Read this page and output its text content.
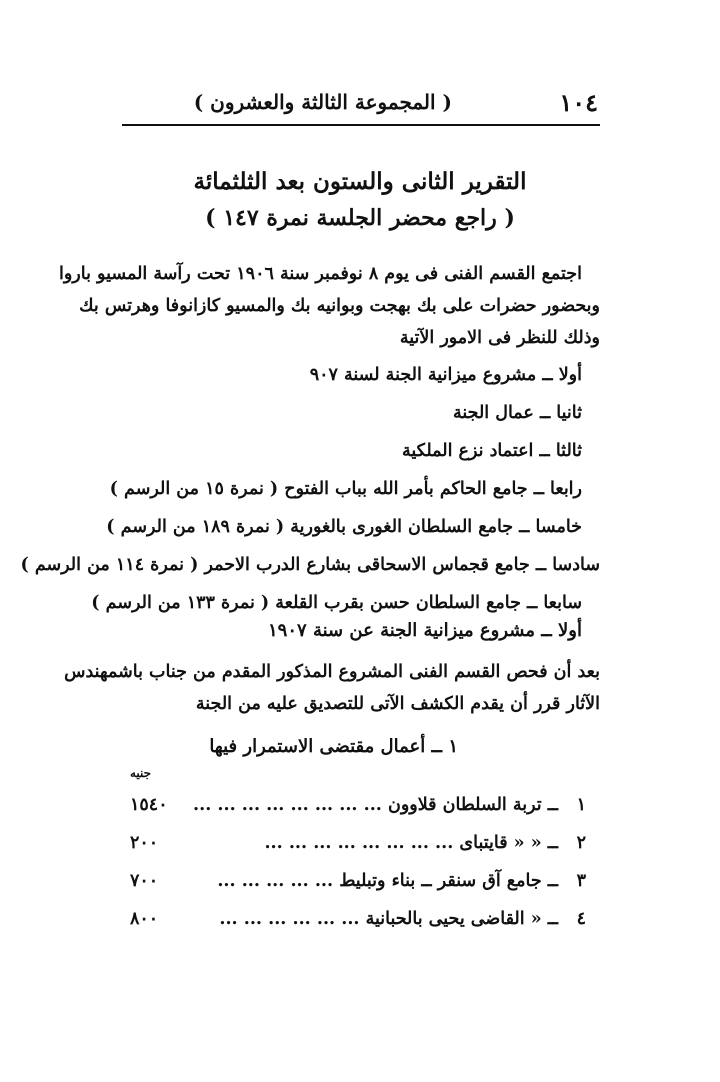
١٠٤
( المجموعة الثالثة والعشرون )
التقرير الثانى والستون بعد الثلثمائة
( راجع محضر الجلسة نمرة ١٤٧ )

اجتمع القسم الفنى فى يوم ٨ نوفمبر سنة ١٩٠٦ تحت رآسة المسيو باروا

وبحضور حضرات على بك بهجت وبوانيه بك والمسيو كازانوفا وهرتس بك

وذلك للنظر فى الامور الآتية

أولا ــ مشروع ميزانية الجنة لسنة ٩٠٧
ثانيا ــ عمال الجنة
ثالثا ــ اعتماد نزع الملكية
رابعا ــ جامع الحاكم بأمر الله بباب الفتوح ( نمرة ١٥ من الرسم )
خامسا ــ جامع السلطان الغورى بالغورية ( نمرة ١٨٩ من الرسم )
سادسا ــ جامع قجماس الاسحاقى بشارع الدرب الاحمر ( نمرة ١١٤ من الرسم )
سابعا ــ جامع السلطان حسن بقرب القلعة ( نمرة ١٣٣ من الرسم )
أولا ــ مشروع ميزانية الجنة عن سنة ١٩٠٧

بعد أن فحص القسم الفنى المشروع المذكور المقدم من جناب باشمهندس

الآثار قرر أن يقدم الكشف الآتى للتصديق عليه من الجنة

١ ــ أعمال مقتضى الاستمرار فيها
جنيه
١
ــ تربة السلطان قلاوون ... ... ... ... ... ... ... ...
١٥٤٠
٢
ــ « « قايتباى ... ... ... ... ... ... ... ...
٢٠٠
٣
ــ جامع آق سنقر ــ بناء وتبليط ... ... ... ... ...
٧٠٠
٤
ــ « القاضى يحيى بالحبانية ... ... ... ... ... ...
٨٠٠
